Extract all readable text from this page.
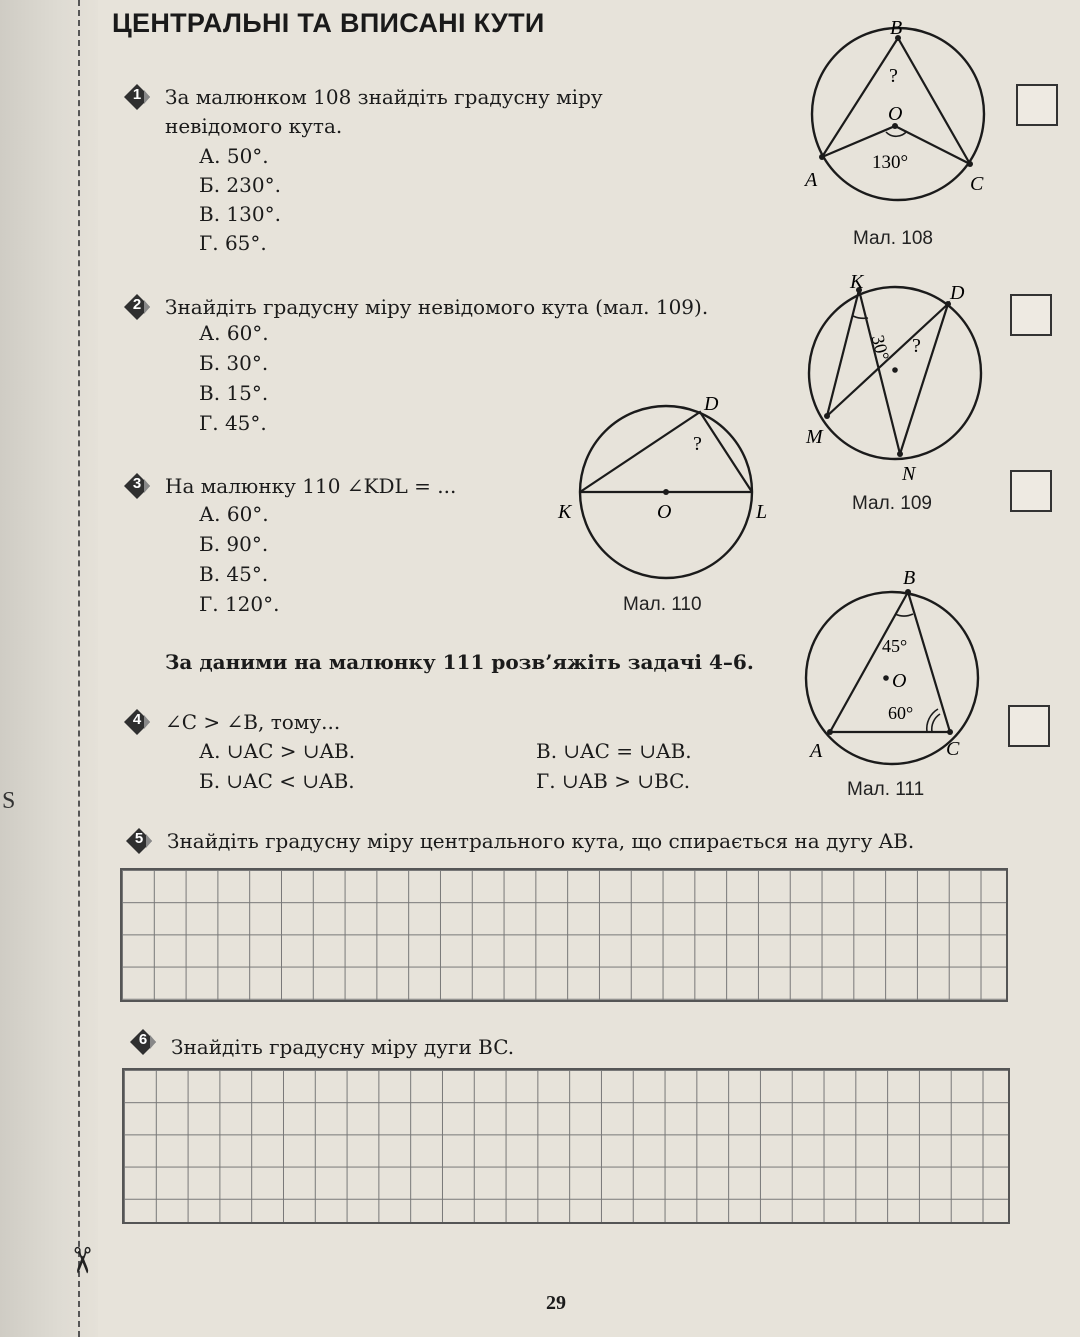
✂
S
ЦЕНТРАЛЬНІ ТА ВПИСАНІ КУТИ
1	За малюнком 108 знайдіть градусну міру

невідомого кута.

А. 50°.

Б. 230°.

В. 130°.

Г. 65°.

B
?
O
130°
A	C
Мал. 108
2	Знайдіть градусну міру невідомого кута (мал. 109).

А. 60°.

Б. 30°.

В. 15°.

Г. 45°.

K	D
30° ?
M
N
Мал. 109
3	На малюнку 110 ∠KDL = ...

А. 60°.

Б. 90°.

В. 45°.

Г. 120°.

D
?
K	O	L
Мал. 110

За даними на малюнку 111 розв’яжіть задачі 4–6.

B
45°
O
60°
A	C
Мал. 111
4	∠C > ∠B, тому...

А. ∪AC > ∪AB.

Б. ∪AC < ∪AB.

В. ∪AC = ∪AB.

Г. ∪AB > ∪BC.

5	Знайдіть градусну міру центрального кута, що спирається на дугу AB.

6	Знайдіть градусну міру дуги BC.

29
